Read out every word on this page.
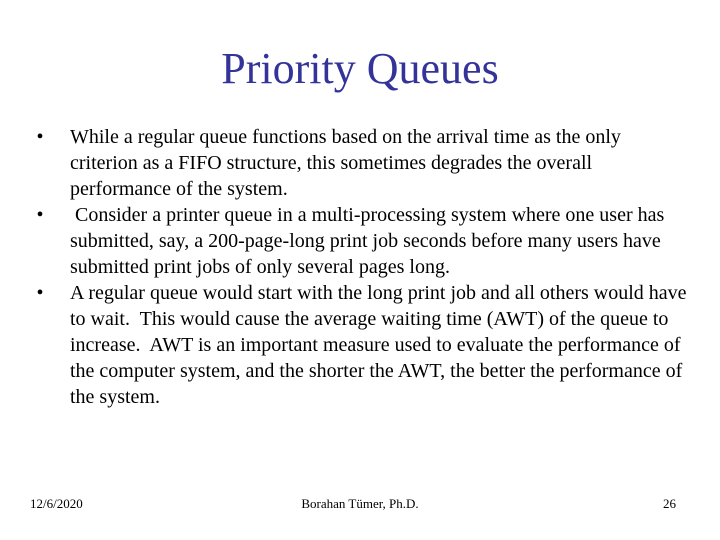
Priority Queues
•	While a regular queue functions based on the arrival time as the only criterion as a FIFO structure, this sometimes degrades the overall performance of the system.
•	Consider a printer queue in a multi-processing system where one user has submitted, say, a 200-page-long print job seconds before many users have submitted print jobs of only several pages long.
•	A regular queue would start with the long print job and all others would have to wait.  This would cause the average waiting time (AWT) of the queue to increase.  AWT is an important measure used to evaluate the performance of the computer system, and the shorter the AWT, the better the performance of the system.
12/6/2020	Borahan Tümer, Ph.D.	26
